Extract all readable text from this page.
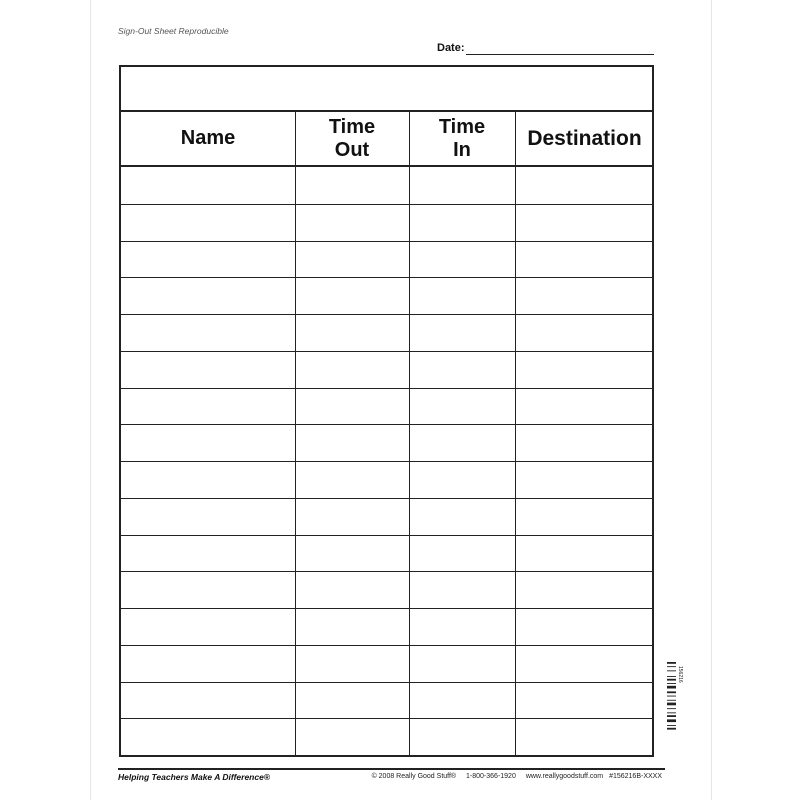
Sign-Out Sheet Reproducible
Date:
Name
Time
Out
Time
In	Destination
Helping Teachers Make A Difference®	© 2008 Really Good Stuff® 1-800-366-1920 www.reallygoodstuff.com #156216B-XXXX
156216
